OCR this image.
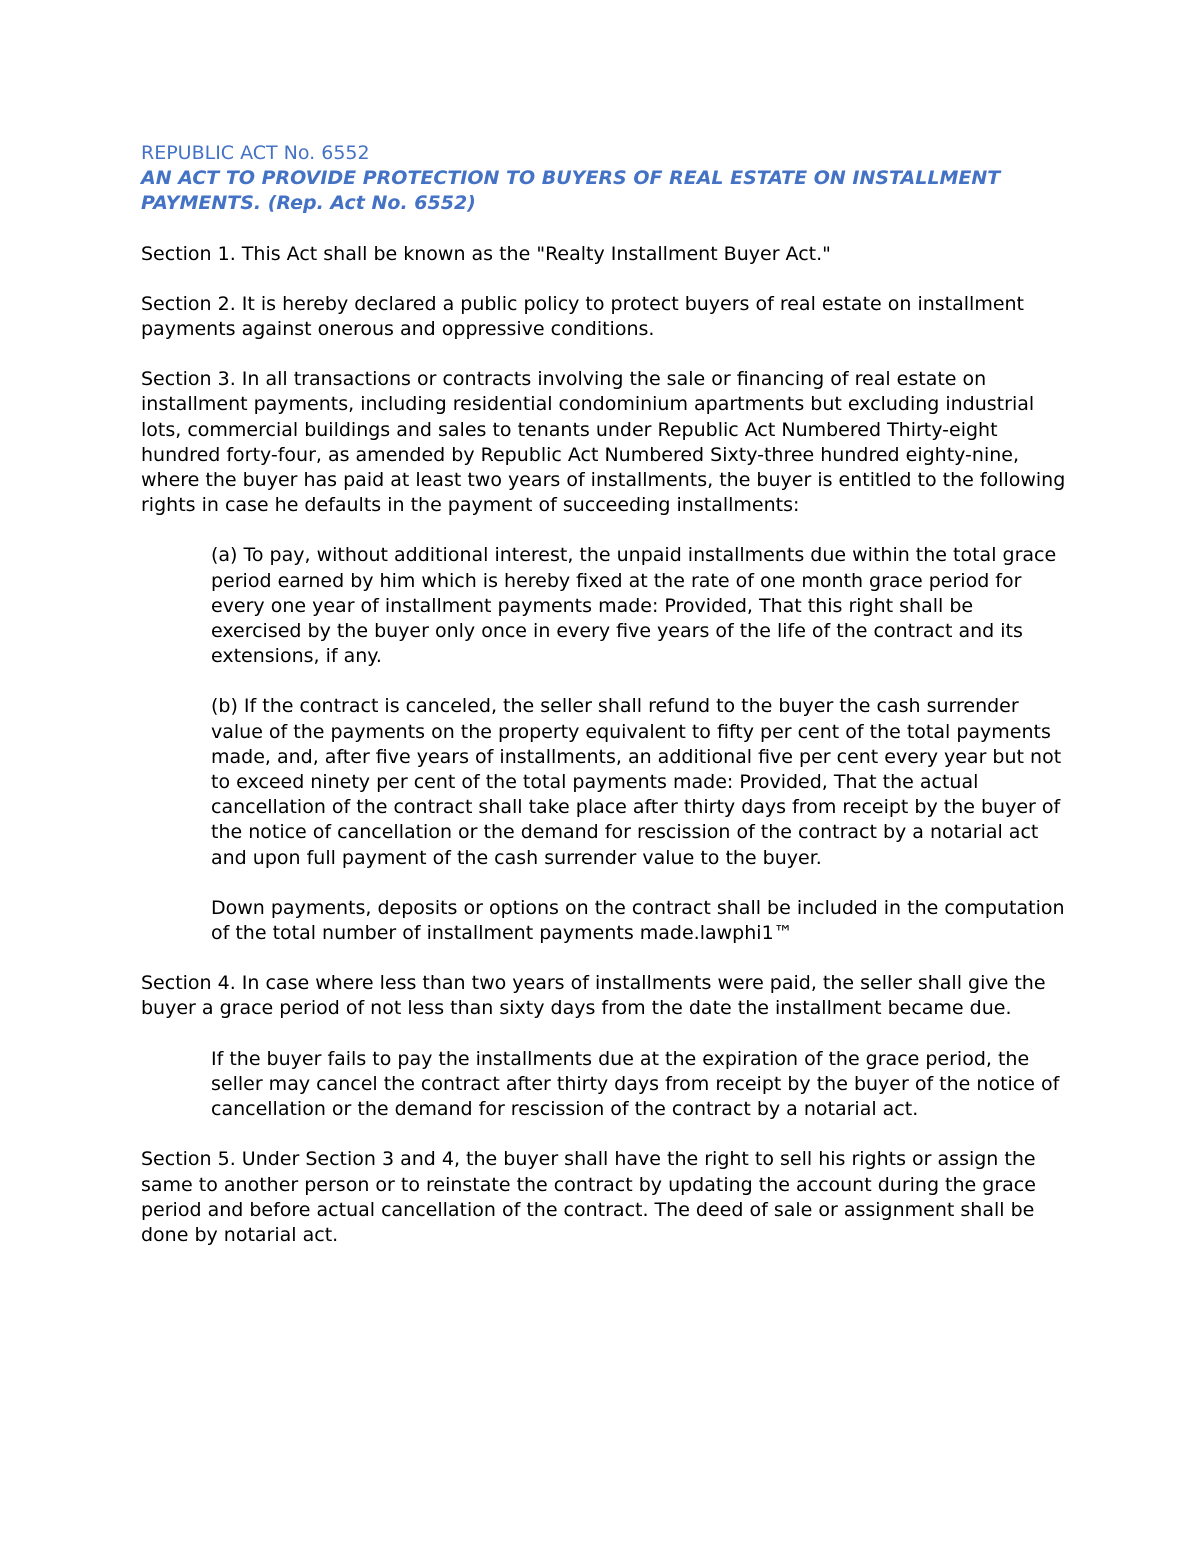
REPUBLIC ACT No. 6552
AN ACT TO PROVIDE PROTECTION TO BUYERS OF REAL ESTATE ON INSTALLMENT PAYMENTS. (Rep. Act No. 6552)

Section 1. This Act shall be known as the "Realty Installment Buyer Act."

Section 2. It is hereby declared a public policy to protect buyers of real estate on installment payments against onerous and oppressive conditions.

Section 3. In all transactions or contracts involving the sale or financing of real estate on installment payments, including residential condominium apartments but excluding industrial lots, commercial buildings and sales to tenants under Republic Act Numbered Thirty-eight hundred forty-four, as amended by Republic Act Numbered Sixty-three hundred eighty-nine, where the buyer has paid at least two years of installments, the buyer is entitled to the following rights in case he defaults in the payment of succeeding installments:

(a) To pay, without additional interest, the unpaid installments due within the total grace period earned by him which is hereby fixed at the rate of one month grace period for every one year of installment payments made: Provided, That this right shall be exercised by the buyer only once in every five years of the life of the contract and its extensions, if any.

(b) If the contract is canceled, the seller shall refund to the buyer the cash surrender value of the payments on the property equivalent to fifty per cent of the total payments made, and, after five years of installments, an additional five per cent every year but not to exceed ninety per cent of the total payments made: Provided, That the actual cancellation of the contract shall take place after thirty days from receipt by the buyer of the notice of cancellation or the demand for rescission of the contract by a notarial act and upon full payment of the cash surrender value to the buyer.

Down payments, deposits or options on the contract shall be included in the computation of the total number of installment payments made.lawphi1™

Section 4. In case where less than two years of installments were paid, the seller shall give the buyer a grace period of not less than sixty days from the date the installment became due.

If the buyer fails to pay the installments due at the expiration of the grace period, the seller may cancel the contract after thirty days from receipt by the buyer of the notice of cancellation or the demand for rescission of the contract by a notarial act.

Section 5. Under Section 3 and 4, the buyer shall have the right to sell his rights or assign the same to another person or to reinstate the contract by updating the account during the grace period and before actual cancellation of the contract. The deed of sale or assignment shall be done by notarial act.
